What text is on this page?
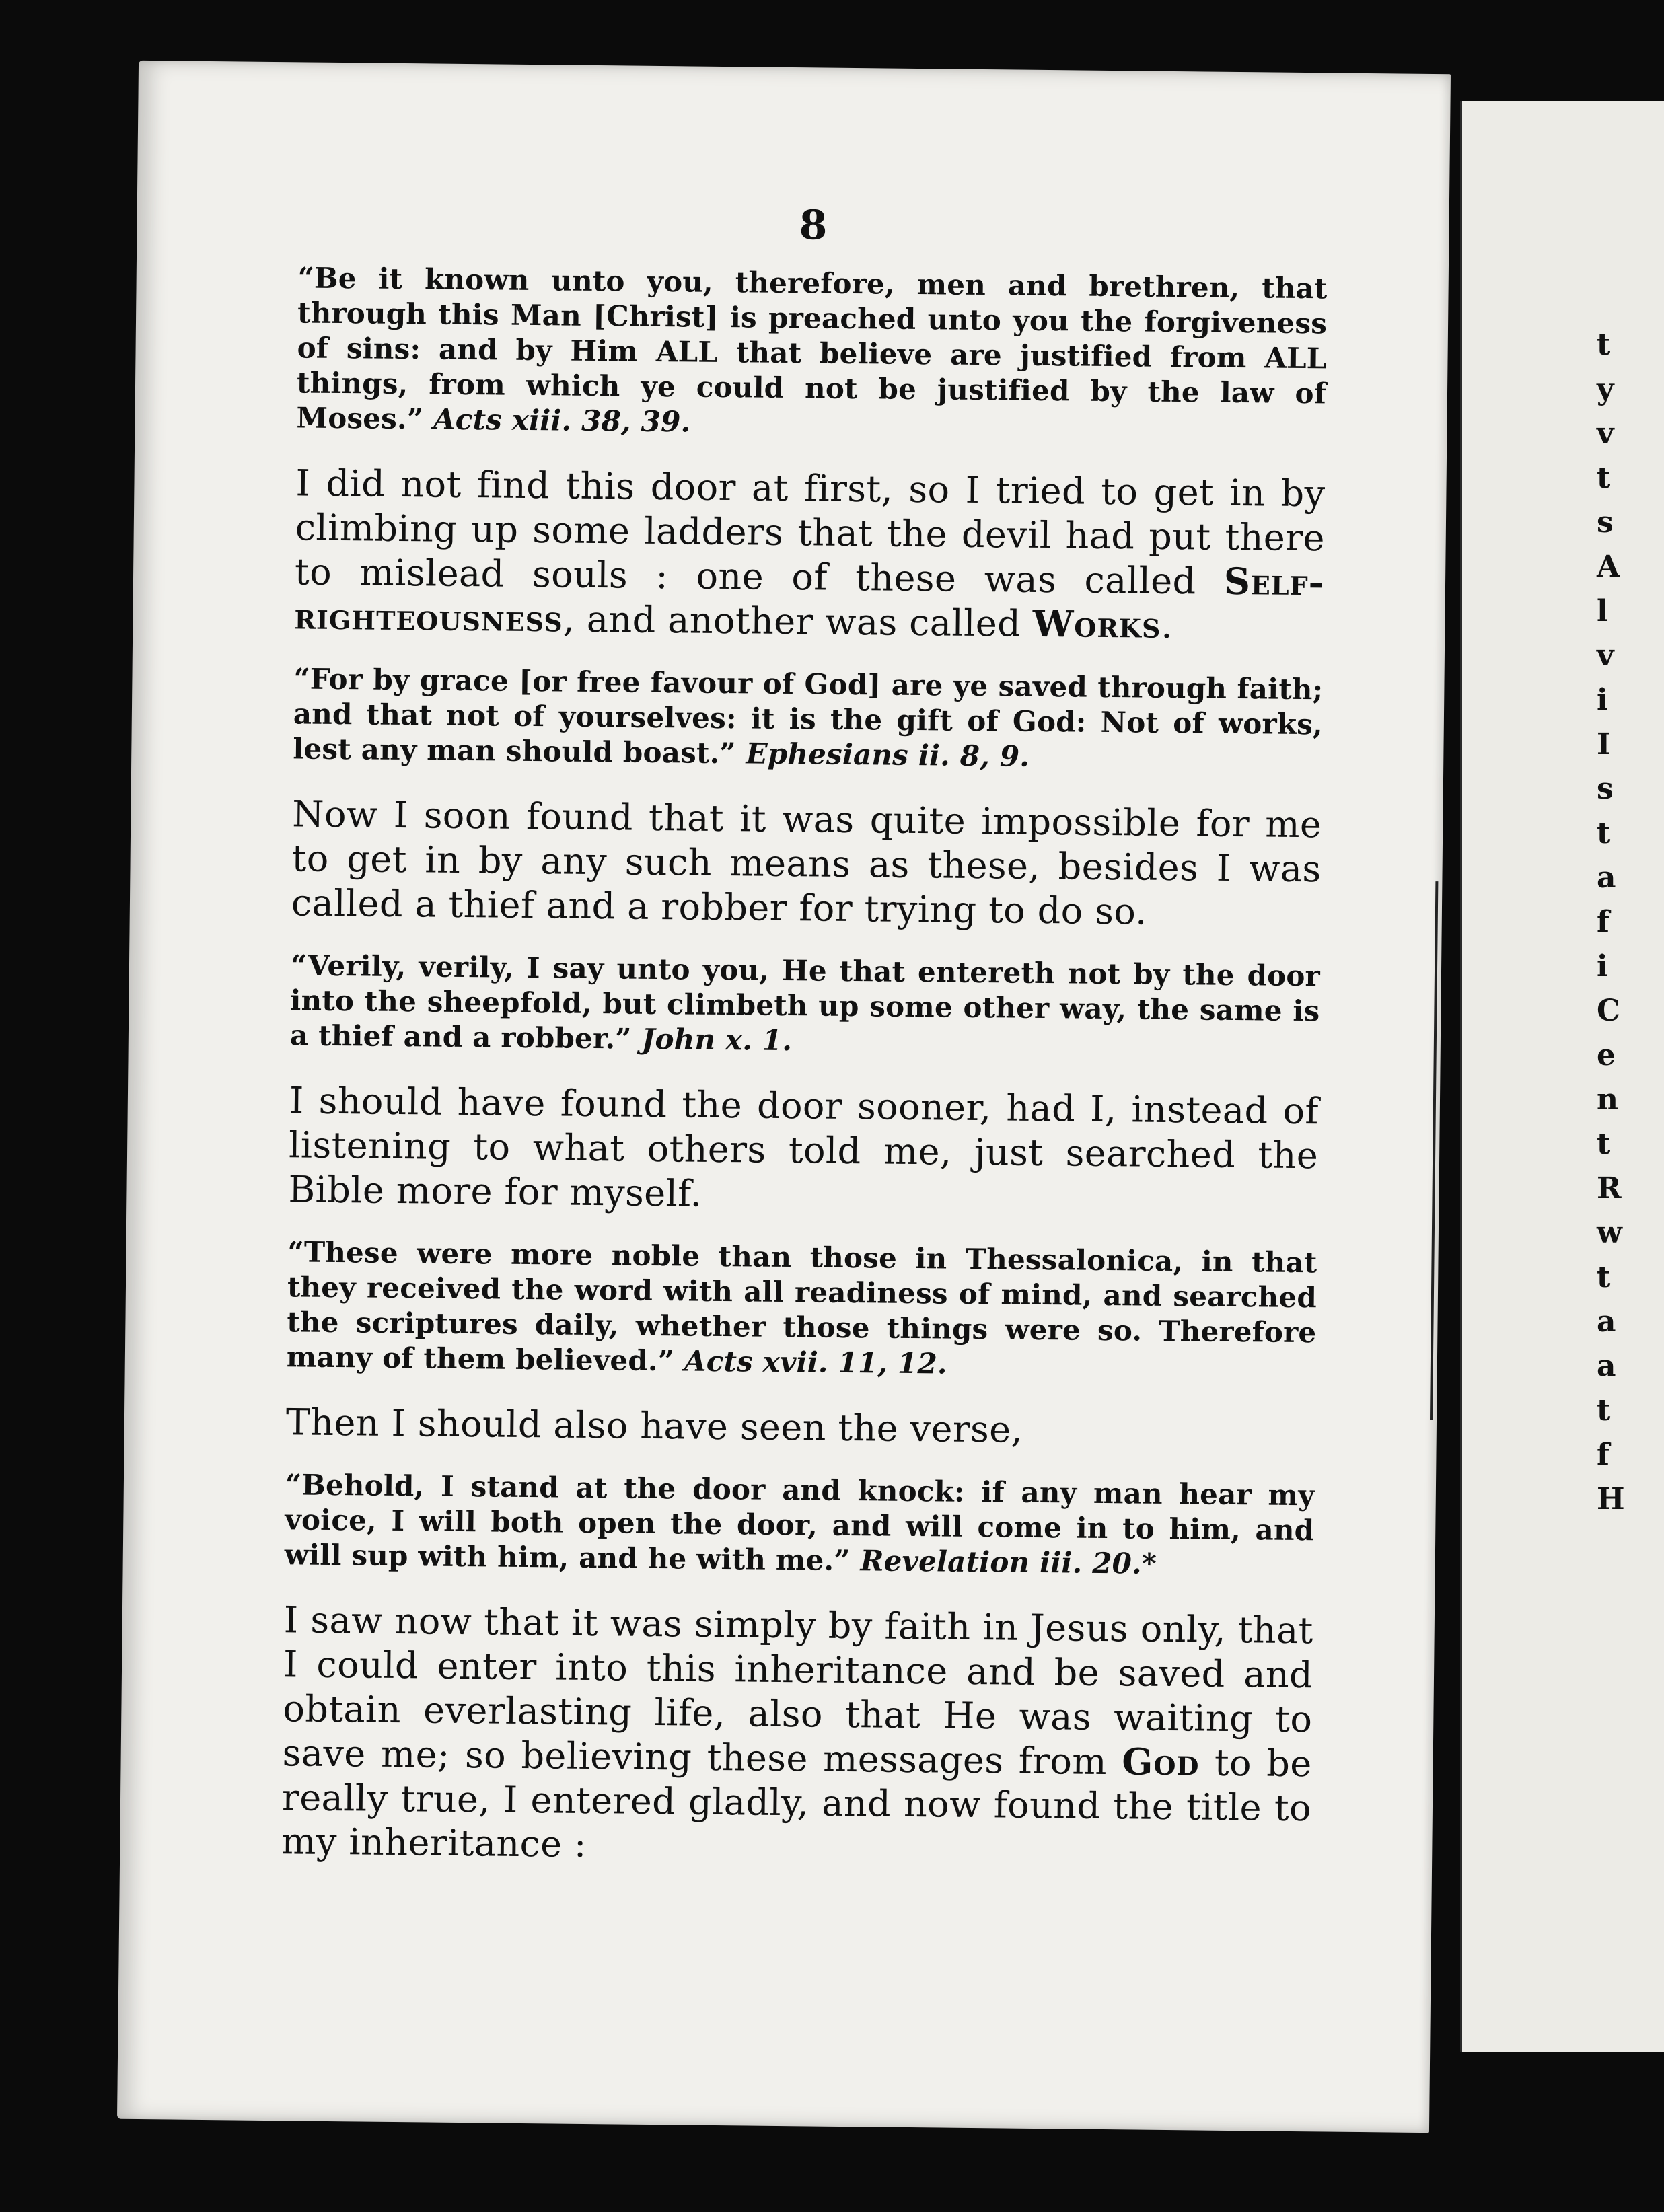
t
y
v
t
s
A
l
v
i
I
s
t
a
f
i
C
e
n
t
R
w
t
a
a
t
f
H
8

“Be it known unto you, therefore, men and brethren, that through this Man [Christ] is preached unto you the forgiveness of sins: and by Him ALL that believe are justified from ALL things, from which ye could not be justified by the law of Moses.” Acts xiii. 38, 39.

I did not find this door at first, so I tried to get in by climbing up some ladders that the devil had put there to mislead souls : one of these was called Self-righteousness, and another was called Works.

“For by grace [or free favour of God] are ye saved through faith; and that not of yourselves: it is the gift of God: Not of works, lest any man should boast.” Ephesians ii. 8, 9.

Now I soon found that it was quite impossible for me to get in by any such means as these, besides I was called a thief and a robber for trying to do so.

“Verily, verily, I say unto you, He that entereth not by the door into the sheepfold, but climbeth up some other way, the same is a thief and a robber.” John x. 1.

I should have found the door sooner, had I, instead of listening to what others told me, just searched the Bible more for myself.

“These were more noble than those in Thessalonica, in that they received the word with all readiness of mind, and searched the scriptures daily, whether those things were so. Therefore many of them believed.” Acts xvii. 11, 12.

Then I should also have seen the verse,

“Behold, I stand at the door and knock: if any man hear my voice, I will both open the door, and will come in to him, and will sup with him, and he with me.” Revelation iii. 20.*

I saw now that it was simply by faith in Jesus only, that I could enter into this inheritance and be saved and obtain everlasting life, also that He was waiting to save me; so believing these messages from God to be really true, I entered gladly, and now found the title to my inheritance :
